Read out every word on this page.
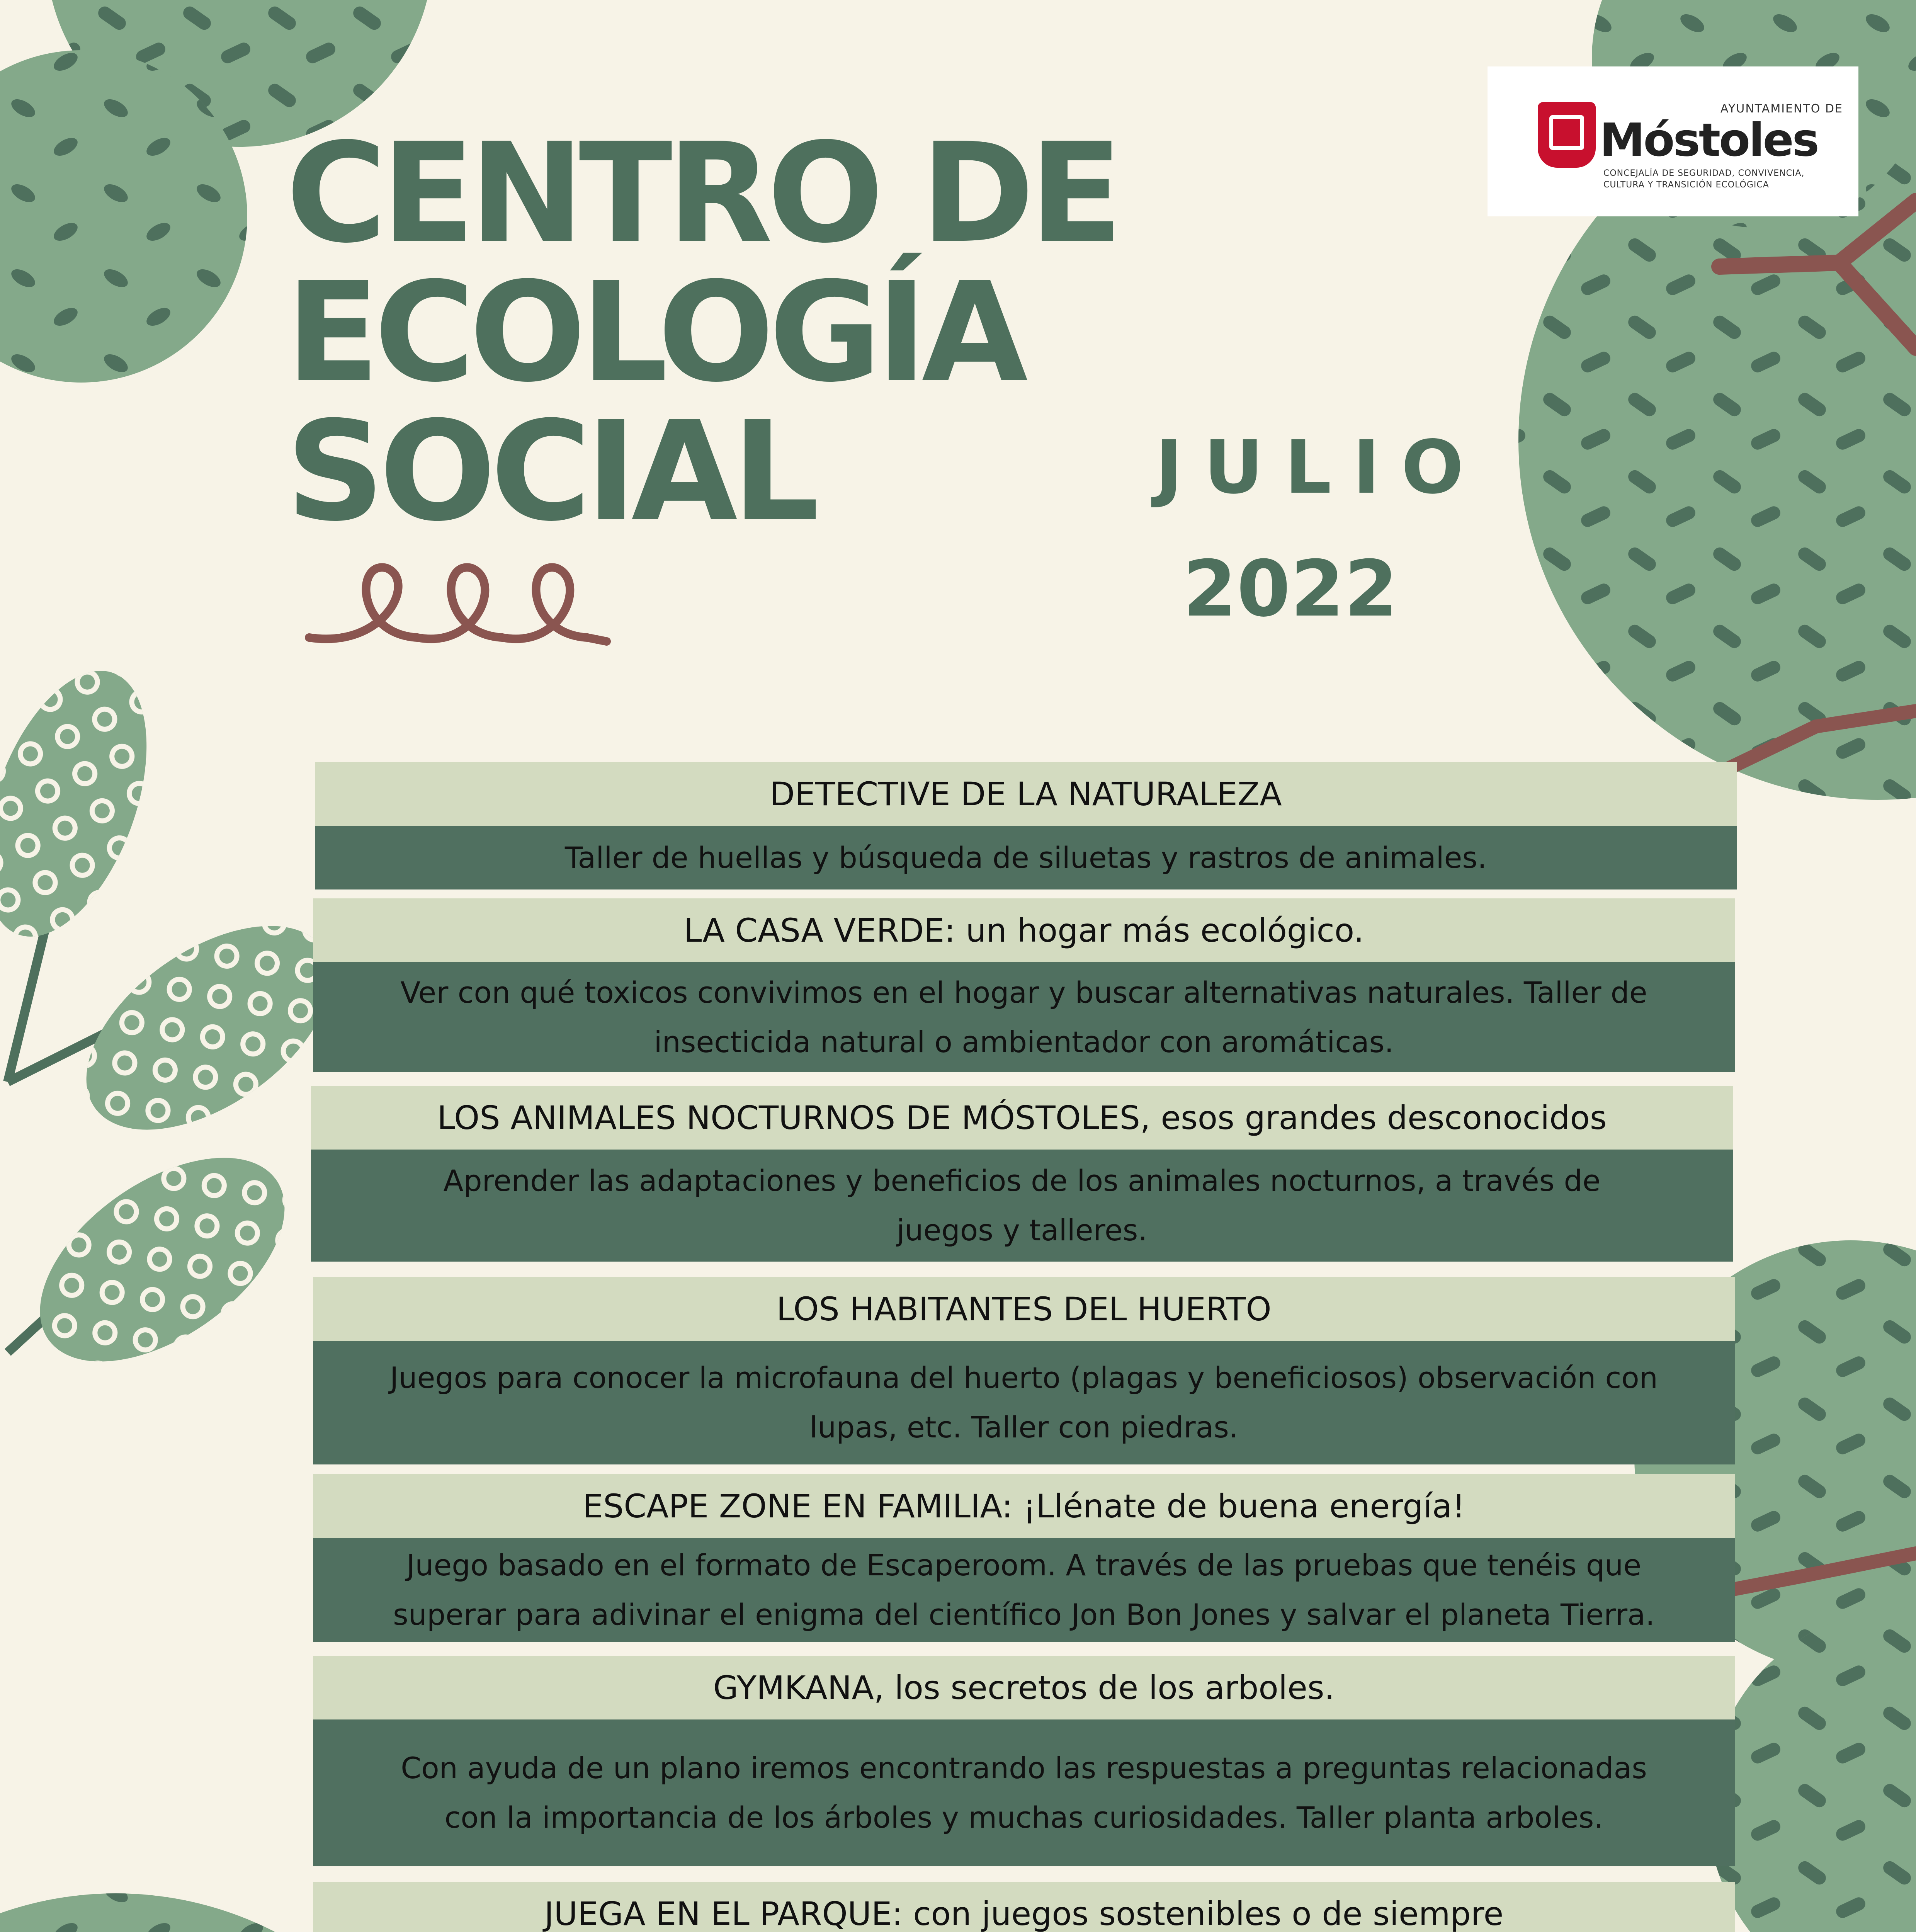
CENTRO DE
ECOLOGÍA
SOCIAL	JULIO
2022
AYUNTAMIENTO DE
Móstoles
CONCEJALÍA DE SEGURIDAD, CONVIVENCIA,
CULTURA Y TRANSICIÓN ECOLÓGICA
DETECTIVE DE LA NATURALEZA
Taller de huellas y búsqueda de siluetas y rastros de animales.
LA CASA VERDE: un hogar más ecológico.
Ver con qué toxicos convivimos en el hogar y buscar alternativas naturales. Taller de
insecticida natural o ambientador con aromáticas.
LOS ANIMALES NOCTURNOS DE MÓSTOLES, esos grandes desconocidos
Aprender las adaptaciones y beneficios de los animales nocturnos, a través de
juegos y talleres.
LOS HABITANTES DEL HUERTO
Juegos para conocer la microfauna del huerto (plagas y beneficiosos) observación con
lupas, etc. Taller con piedras.
ESCAPE ZONE EN FAMILIA: ¡Llénate de buena energía!
Juego basado en el formato de Escaperoom. A través de las pruebas que tenéis que
superar para adivinar el enigma del científico Jon Bon Jones y salvar el planeta Tierra.
GYMKANA, los secretos de los arboles.
Con ayuda de un plano iremos encontrando las respuestas a preguntas relacionadas
con la importancia de los árboles y muchas curiosidades. Taller planta arboles.
JUEGA EN EL PARQUE: con juegos sostenibles o de siempre
